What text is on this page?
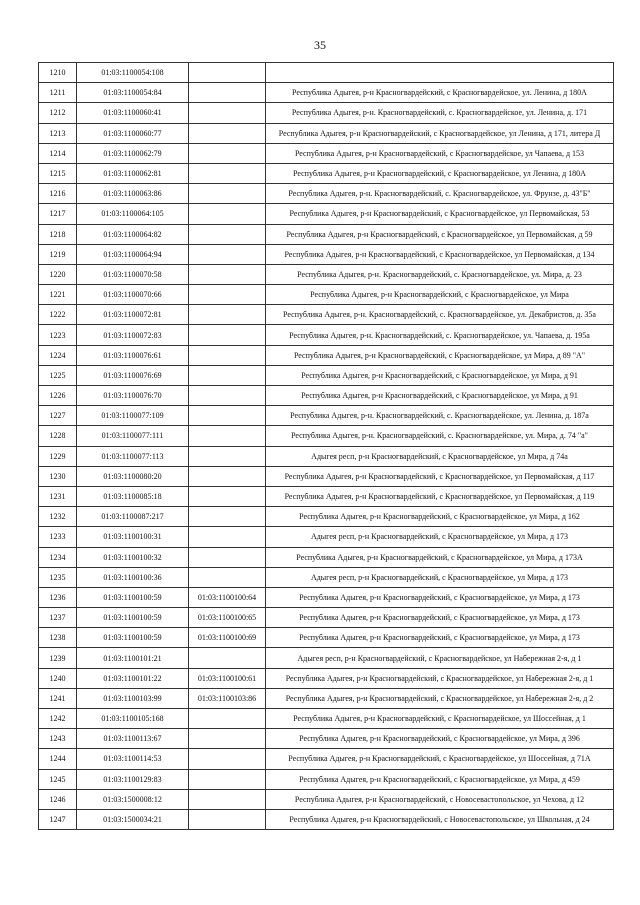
35
1210	01:03:1100054:108		
1211	01:03:1100054:84		Республика Адыгея, р-н Красногвардейский, с Красногвардейское, ул. Ленина, д 180А
1212	01:03:1100060:41		Республика Адыгея, р-н. Красногвардейский, с. Красногвардейское, ул. Ленина, д. 171
1213	01:03:1100060:77		Республика Адыгея, р-н Красногвардейский, с Красногвардейское, ул Ленина, д 171, литера Д
1214	01:03:1100062:79		Республика Адыгея, р-н Красногвардейский, с Красногвардейское, ул Чапаева, д 153
1215	01:03:1100062:81		Республика Адыгея, р-н Красногвардейский, с Красногвардейское, ул Ленина, д 180А
1216	01:03:1100063:86		Республика Адыгея, р-н. Красногвардейский, с. Красногвардейское, ул. Фрунзе, д. 43"Б"
1217	01:03:1100064:105		Республика Адыгея, р-н Красногвардейский, с Красногвардейское, ул Первомайская, 53
1218	01:03:1100064:82		Республика Адыгея, р-н Красногвардейский, с Красногвардейское, ул Первомайская, д 59
1219	01:03:1100064:94		Республика Адыгея, р-н Красногвардейский, с Красногвардейское, ул Первомайская, д 134
1220	01:03:1100070:58		Республика Адыгея, р-н. Красногвардейский, с. Красногвардейское, ул. Мира, д. 23
1221	01:03:1100070:66		Республика Адыгея, р-н Красногвардейский, с Красногвардейское, ул Мира
1222	01:03:1100072:81		Республика Адыгея, р-н. Красногвардейский, с. Красногвардейское, ул. Декабристов, д. 35а
1223	01:03:1100072:83		Республика Адыгея, р-н. Красногвардейский, с. Красногвардейское, ул. Чапаева, д. 195а
1224	01:03:1100076:61		Республика Адыгея, р-н Красногвардейский, с Красногвардейское, ул Мира, д 89 "А"
1225	01:03:1100076:69		Республика Адыгея, р-н Красногвардейский, с Красногвардейское, ул Мира, д 91
1226	01:03:1100076:70		Республика Адыгея, р-н Красногвардейский, с Красногвардейское, ул Мира, д 91
1227	01:03:1100077:109		Республика Адыгея, р-н. Красногвардейский, с. Красногвардейское, ул. Ленина, д. 187а
1228	01:03:1100077:111		Республика Адыгея, р-н. Красногвардейский, с. Красногвардейское, ул. Мира, д. 74 "а"
1229	01:03:1100077:113		Адыгея респ, р-н Красногвардейский, с Красногвардейское, ул Мира, д 74а
1230	01:03:1100080:20		Республика Адыгея, р-н Красногвардейский, с Красногвардейское, ул Первомайская, д 117
1231	01:03:1100085:18		Республика Адыгея, р-н Красногвардейский, с Красногвардейское, ул Первомайская, д 119
1232	01:03:1100087:217		Республика Адыгея, р-н Красногвардейский, с Красногвардейское, ул Мира, д 162
1233	01:03:1100100:31		Адыгея респ, р-н Красногвардейский, с Красногвардейское, ул Мира, д 173
1234	01:03:1100100:32		Республика Адыгея, р-н Красногвардейский, с Красногвардейское, ул Мира, д 173А
1235	01:03:1100100:36		Адыгея респ, р-н Красногвардейский, с Красногвардейское, ул Мира, д 173
1236	01:03:1100100:59	01:03:1100100:64	Республика Адыгея, р-н Красногвардейский, с Красногвардейское, ул Мира, д 173
1237	01:03:1100100:59	01:03:1100100:65	Республика Адыгея, р-н Красногвардейский, с Красногвардейское, ул Мира, д 173
1238	01:03:1100100:59	01:03:1100100:69	Республика Адыгея, р-н Красногвардейский, с Красногвардейское, ул Мира, д 173
1239	01:03:1100101:21		Адыгея респ, р-н Красногвардейский, с Красногвардейское, ул Набережная 2-я, д 1
1240	01:03:1100101:22	01:03:1100100:61	Республика Адыгея, р-н Красногвардейский, с Красногвардейское, ул Набережная 2-я, д 1
1241	01:03:1100103:99	01:03:1100103:86	Республика Адыгея, р-н Красногвардейский, с Красногвардейское, ул Набережная 2-я, д 2
1242	01:03:1100105:168		Республика Адыгея, р-н Красногвардейский, с Красногвардейское, ул Шоссейная, д 1
1243	01:03:1100113:67		Республика Адыгея, р-н Красногвардейский, с Красногвардейское, ул Мира, д 396
1244	01:03:1100114:53		Республика Адыгея, р-н Красногвардейский, с Красногвардейское, ул Шоссейная, д 71А
1245	01:03:1100129:83		Республика Адыгея, р-н Красногвардейский, с Красногвардейское, ул Мира, д 459
1246	01:03:1500008:12		Республика Адыгея, р-н Красногвардейский, с Новосевастопольское, ул Чехова, д 12
1247	01:03:1500034:21		Республика Адыгея, р-н Красногвардейский, с Новосевастопольское, ул Школьная, д 24
